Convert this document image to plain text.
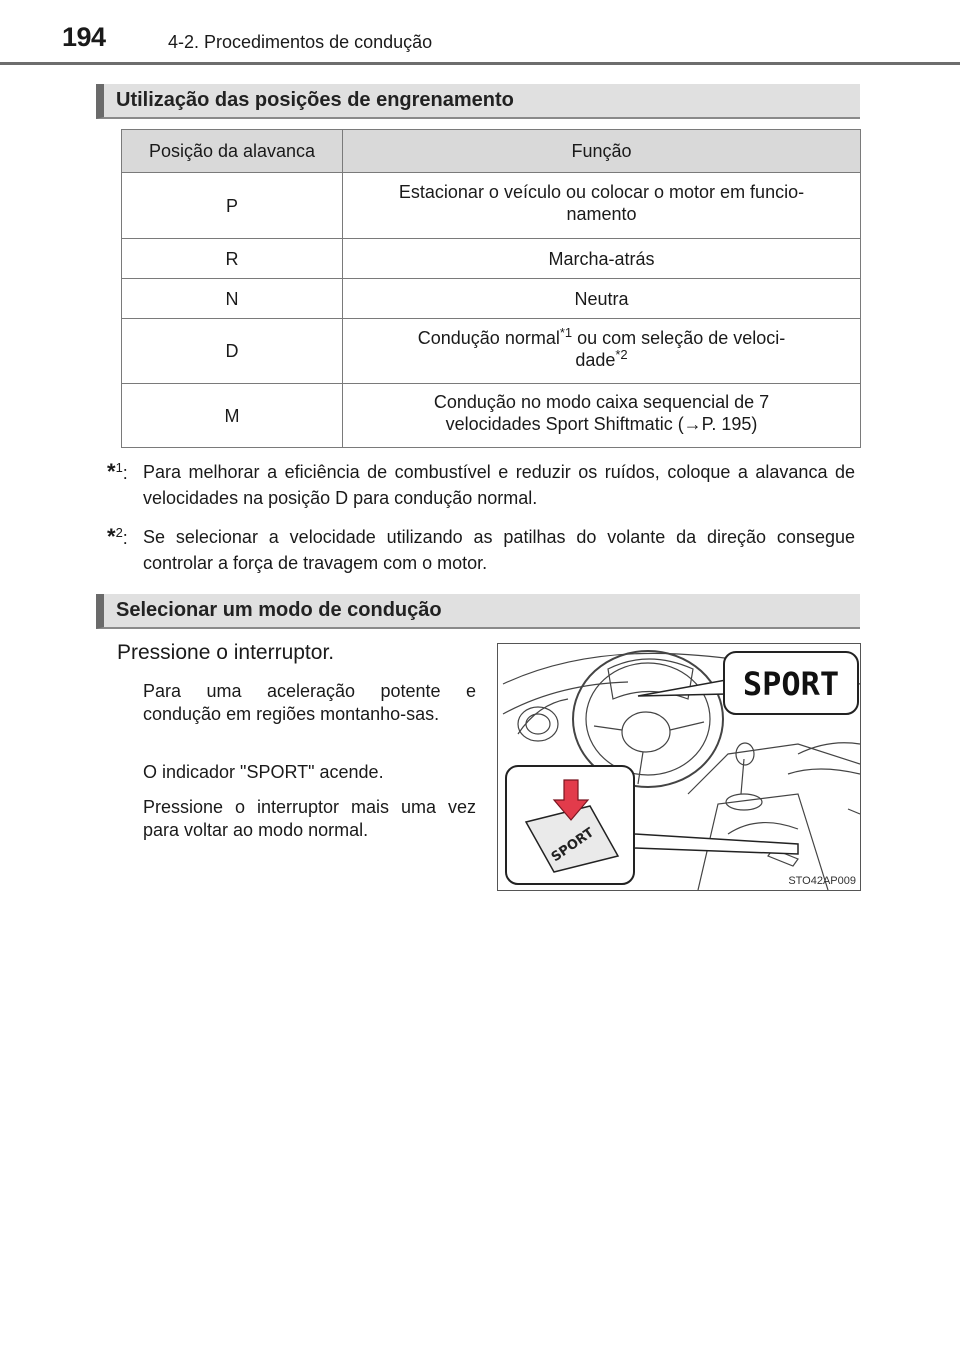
194	4-2. Procedimentos de condução
Utilização das posições de engrenamento
Posição da alavanca	Função
P	Estacionar o veículo ou colocar o motor em funcio-
namento
R	Marcha-atrás
N	Neutra
D	Condução normal$^{*1}$ ou com seleção de veloci-
dade$^{*2}$
M	Condução no modo caixa sequencial de 7
velocidades Sport Shiftmatic (→P. 195)
*$^1$: Para melhorar a eficiência de combustível e reduzir os ruídos, coloque a alavanca de velocidades na posição D para condução normal.
*$^2$: Se selecionar a velocidade utilizando as patilhas do volante da direção consegue controlar a força de travagem com o motor.
Selecionar um modo de condução
Pressione o interruptor.
Para uma aceleração potente e condução em regiões montanho-sas.
O indicador "SPORT" acende.
Pressione o interruptor mais uma vez para voltar ao modo normal.
SPORT
SPORT
STO42AP009
